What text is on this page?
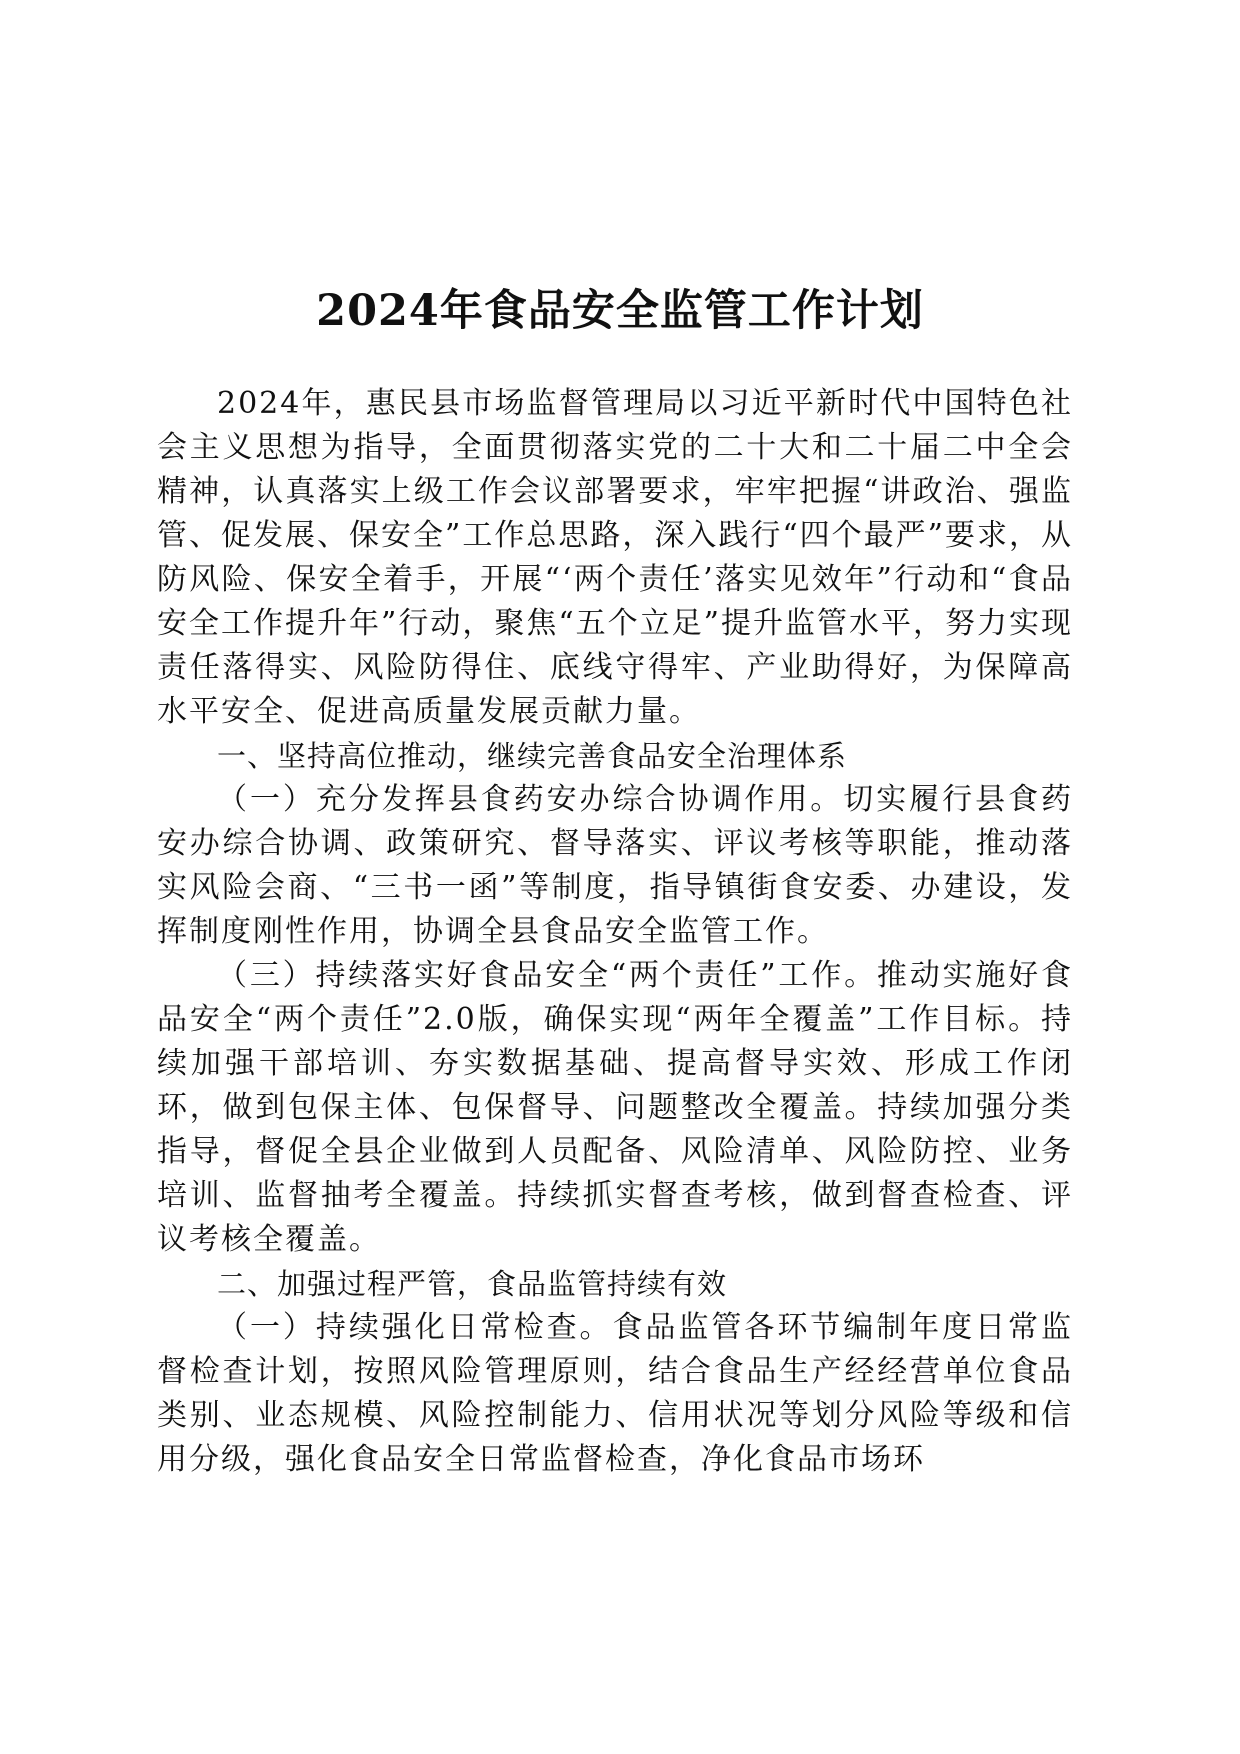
2024年食品安全监管工作计划

2024年，惠民县市场监督管理局以习近平新时代中国特色社会主义思想为指导，全面贯彻落实党的二十大和二十届二中全会精神，认真落实上级工作会议部署要求，牢牢把握“讲政治、强监管、促发展、保安全”工作总思路，深入践行“四个最严”要求，从防风险、保安全着手，开展“‘两个责任’落实见效年”行动和“食品安全工作提升年”行动，聚焦“五个立足”提升监管水平，努力实现责任落得实、风险防得住、底线守得牢、产业助得好，为保障高水平安全、促进高质量发展贡献力量。

一、坚持高位推动，继续完善食品安全治理体系

（一）充分发挥县食药安办综合协调作用。切实履行县食药安办综合协调、政策研究、督导落实、评议考核等职能，推动落实风险会商、“三书一函”等制度，指导镇街食安委、办建设，发挥制度刚性作用，协调全县食品安全监管工作。

（三）持续落实好食品安全“两个责任”工作。推动实施好食品安全“两个责任”2.0版，确保实现“两年全覆盖”工作目标。持续加强干部培训、夯实数据基础、提高督导实效、形成工作闭环，做到包保主体、包保督导、问题整改全覆盖。持续加强分类指导，督促全县企业做到人员配备、风险清单、风险防控、业务培训、监督抽考全覆盖。持续抓实督查考核，做到督查检查、评议考核全覆盖。

二、加强过程严管，食品监管持续有效

（一）持续强化日常检查。食品监管各环节编制年度日常监督检查计划，按照风险管理原则，结合食品生产经经营单位食品类别、业态规模、风险控制能力、信用状况等划分风险等级和信用分级，强化食品安全日常监督检查，净化食品市场环
